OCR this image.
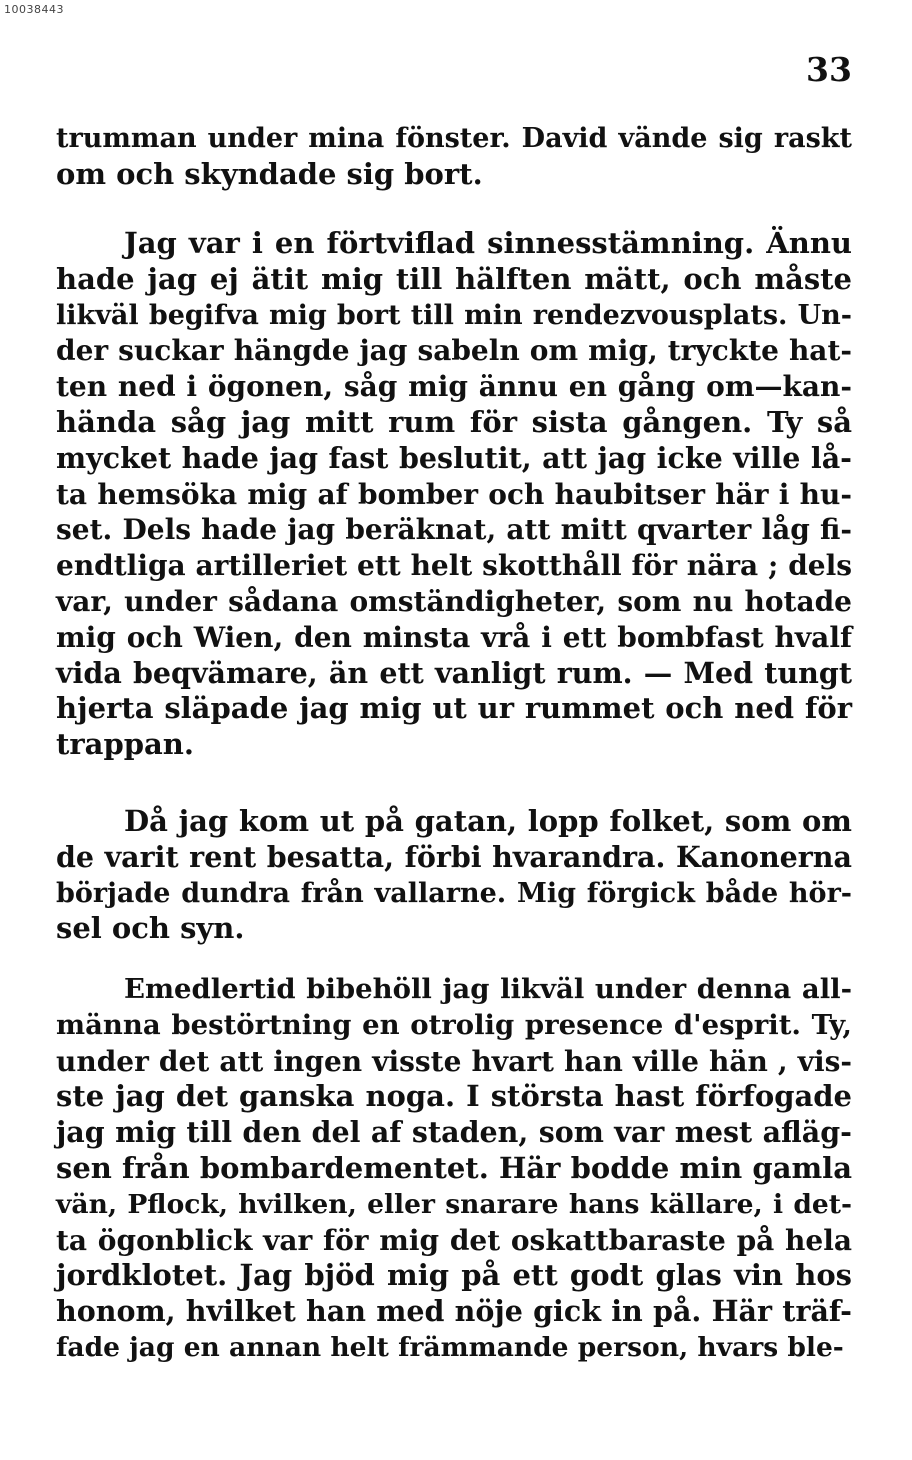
10038443
33
trumman under mina fönster. David vände sig raskt
om och skyndade sig bort.
Jag var i en förtviflad sinnesstämning. Ännu
hade jag ej ätit mig till hälften mätt, och måste
likväl begifva mig bort till min rendezvousplats. Un-
der suckar hängde jag sabeln om mig, tryckte hat-
ten ned i ögonen, såg mig ännu en gång om—kan-
hända såg jag mitt rum för sista gången. Ty så
mycket hade jag fast beslutit, att jag icke ville lå-
ta hemsöka mig af bomber och haubitser här i hu-
set. Dels hade jag beräknat, att mitt qvarter låg fi-
endtliga artilleriet ett helt skotthåll för nära ; dels
var, under sådana omständigheter, som nu hotade
mig och Wien, den minsta vrå i ett bombfast hvalf
vida beqvämare, än ett vanligt rum. — Med tungt
hjerta släpade jag mig ut ur rummet och ned för
trappan.
Då jag kom ut på gatan, lopp folket, som om
de varit rent besatta, förbi hvarandra. Kanonerna
började dundra från vallarne. Mig förgick både hör-
sel och syn.
Emedlertid bibehöll jag likväl under denna all-
männa bestörtning en otrolig presence d'esprit. Ty,
under det att ingen visste hvart han ville hän , vis-
ste jag det ganska noga. I största hast förfogade
jag mig till den del af staden, som var mest afläg-
sen från bombardementet. Här bodde min gamla
vän, Pflock, hvilken, eller snarare hans källare, i det-
ta ögonblick var för mig det oskattbaraste på hela
jordklotet. Jag bjöd mig på ett godt glas vin hos
honom, hvilket han med nöje gick in på. Här träf-
fade jag en annan helt främmande person, hvars ble-
